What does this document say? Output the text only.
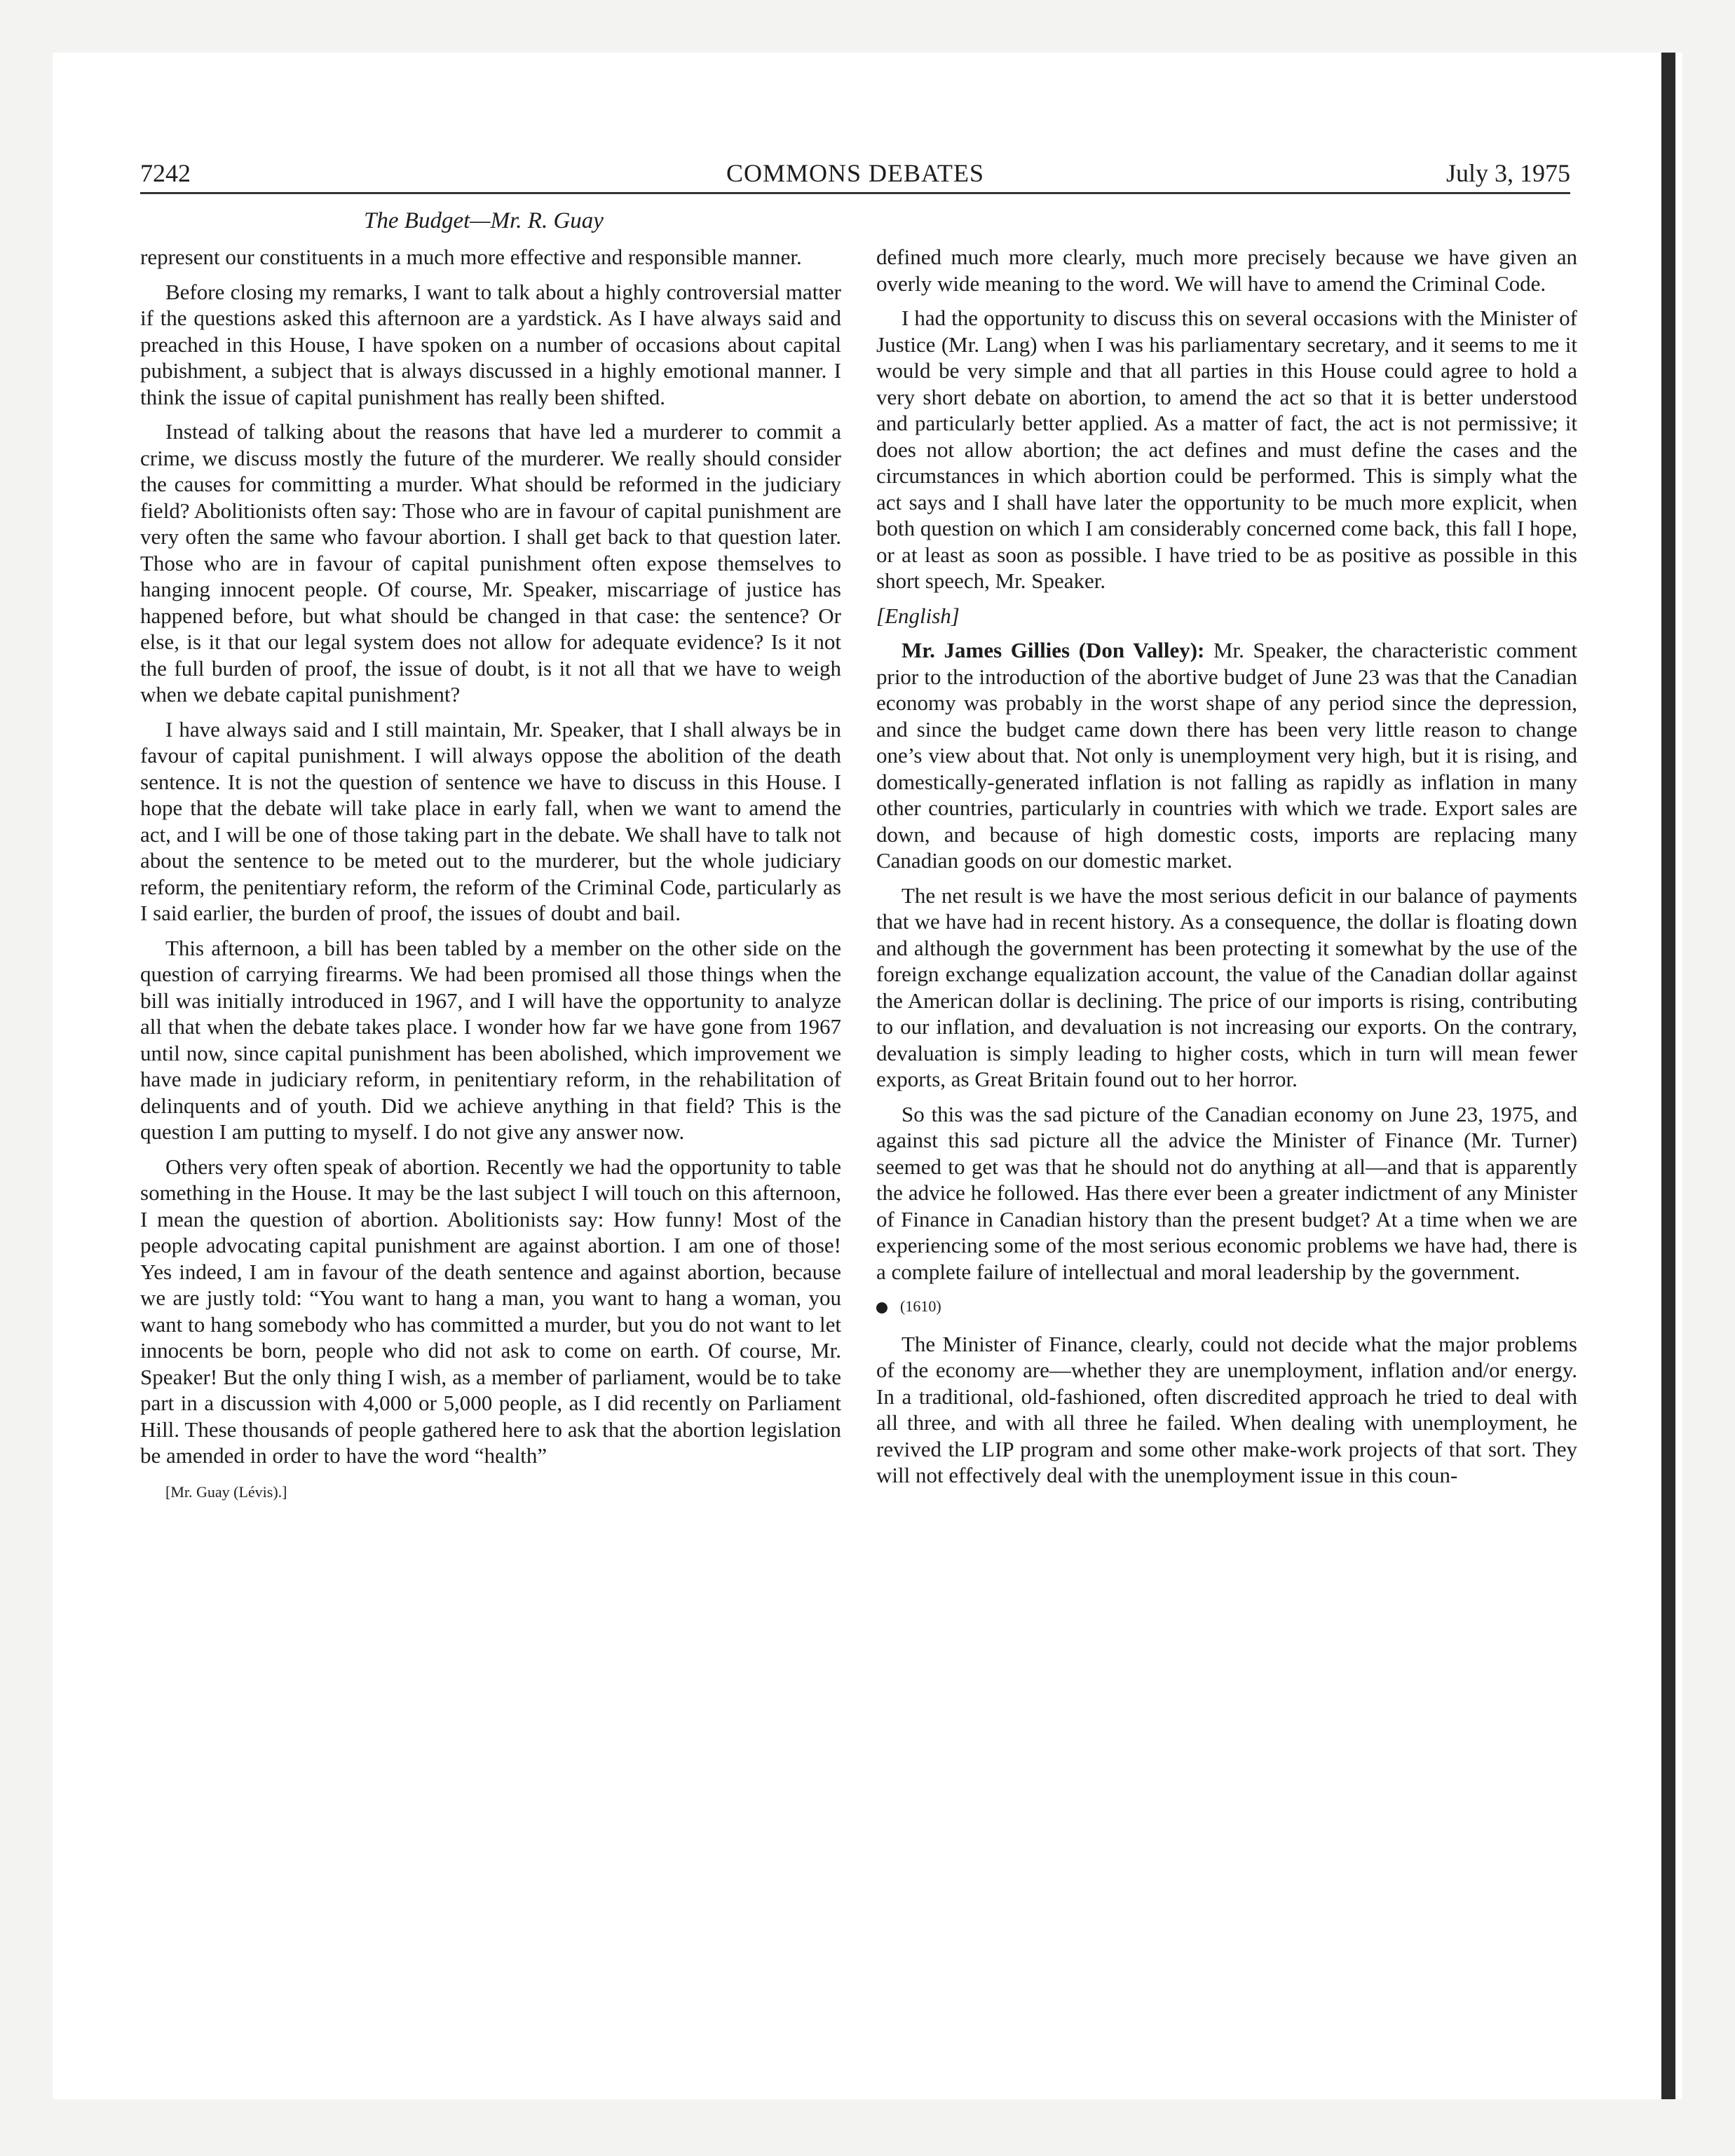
7242	COMMONS DEBATES	July 3, 1975
The Budget—Mr. R. Guay

represent our constituents in a much more effective and responsible manner.

Before closing my remarks, I want to talk about a highly controversial matter if the questions asked this afternoon are a yardstick. As I have always said and preached in this House, I have spoken on a number of occasions about capital pubishment, a subject that is always discussed in a highly emotional manner. I think the issue of capital punishment has really been shifted.

Instead of talking about the reasons that have led a murderer to commit a crime, we discuss mostly the future of the murderer. We really should consider the causes for committing a murder. What should be reformed in the judiciary field? Abolitionists often say: Those who are in favour of capital punishment are very often the same who favour abortion. I shall get back to that question later. Those who are in favour of capital punishment often expose themselves to hanging innocent people. Of course, Mr. Speaker, miscarriage of justice has happened before, but what should be changed in that case: the sentence? Or else, is it that our legal system does not allow for adequate evidence? Is it not the full burden of proof, the issue of doubt, is it not all that we have to weigh when we debate capital punishment?

I have always said and I still maintain, Mr. Speaker, that I shall always be in favour of capital punishment. I will always oppose the abolition of the death sentence. It is not the question of sentence we have to discuss in this House. I hope that the debate will take place in early fall, when we want to amend the act, and I will be one of those taking part in the debate. We shall have to talk not about the sentence to be meted out to the murderer, but the whole judiciary reform, the penitentiary reform, the reform of the Criminal Code, particularly as I said earlier, the burden of proof, the issues of doubt and bail.

This afternoon, a bill has been tabled by a member on the other side on the question of carrying firearms. We had been promised all those things when the bill was initially introduced in 1967, and I will have the opportunity to analyze all that when the debate takes place. I wonder how far we have gone from 1967 until now, since capital punishment has been abolished, which improvement we have made in judiciary reform, in penitentiary reform, in the rehabilitation of delinquents and of youth. Did we achieve anything in that field? This is the question I am putting to myself. I do not give any answer now.

Others very often speak of abortion. Recently we had the opportunity to table something in the House. It may be the last subject I will touch on this afternoon, I mean the question of abortion. Abolitionists say: How funny! Most of the people advocating capital punishment are against abortion. I am one of those! Yes indeed, I am in favour of the death sentence and against abortion, because we are justly told: “You want to hang a man, you want to hang a woman, you want to hang somebody who has committed a murder, but you do not want to let innocents be born, people who did not ask to come on earth. Of course, Mr. Speaker! But the only thing I wish, as a member of parliament, would be to take part in a discussion with 4,000 or 5,000 people, as I did recently on Parliament Hill. These thousands of people gathered here to ask that the abortion legislation be amended in order to have the word “health”

[Mr. Guay (Lévis).]

defined much more clearly, much more precisely because we have given an overly wide meaning to the word. We will have to amend the Criminal Code.

I had the opportunity to discuss this on several occasions with the Minister of Justice (Mr. Lang) when I was his parliamentary secretary, and it seems to me it would be very simple and that all parties in this House could agree to hold a very short debate on abortion, to amend the act so that it is better understood and particularly better applied. As a matter of fact, the act is not permissive; it does not allow abortion; the act defines and must define the cases and the circumstances in which abortion could be performed. This is simply what the act says and I shall have later the opportunity to be much more explicit, when both question on which I am considerably concerned come back, this fall I hope, or at least as soon as possible. I have tried to be as positive as possible in this short speech, Mr. Speaker.

[English]

Mr. James Gillies (Don Valley): Mr. Speaker, the characteristic comment prior to the introduction of the abortive budget of June 23 was that the Canadian economy was probably in the worst shape of any period since the depression, and since the budget came down there has been very little reason to change one’s view about that. Not only is unemployment very high, but it is rising, and domestically-generated inflation is not falling as rapidly as inflation in many other countries, particularly in countries with which we trade. Export sales are down, and because of high domestic costs, imports are replacing many Canadian goods on our domestic market.

The net result is we have the most serious deficit in our balance of payments that we have had in recent history. As a consequence, the dollar is floating down and although the government has been protecting it somewhat by the use of the foreign exchange equalization account, the value of the Canadian dollar against the American dollar is declining. The price of our imports is rising, contributing to our inflation, and devaluation is not increasing our exports. On the contrary, devaluation is simply leading to higher costs, which in turn will mean fewer exports, as Great Britain found out to her horror.

So this was the sad picture of the Canadian economy on June 23, 1975, and against this sad picture all the advice the Minister of Finance (Mr. Turner) seemed to get was that he should not do anything at all—and that is apparently the advice he followed. Has there ever been a greater indictment of any Minister of Finance in Canadian history than the present budget? At a time when we are experiencing some of the most serious economic problems we have had, there is a complete failure of intellectual and moral leadership by the government.

(1610)

The Minister of Finance, clearly, could not decide what the major problems of the economy are—whether they are unemployment, inflation and/or energy. In a traditional, old-fashioned, often discredited approach he tried to deal with all three, and with all three he failed. When dealing with unemployment, he revived the LIP program and some other make-work projects of that sort. They will not effectively deal with the unemployment issue in this coun-
